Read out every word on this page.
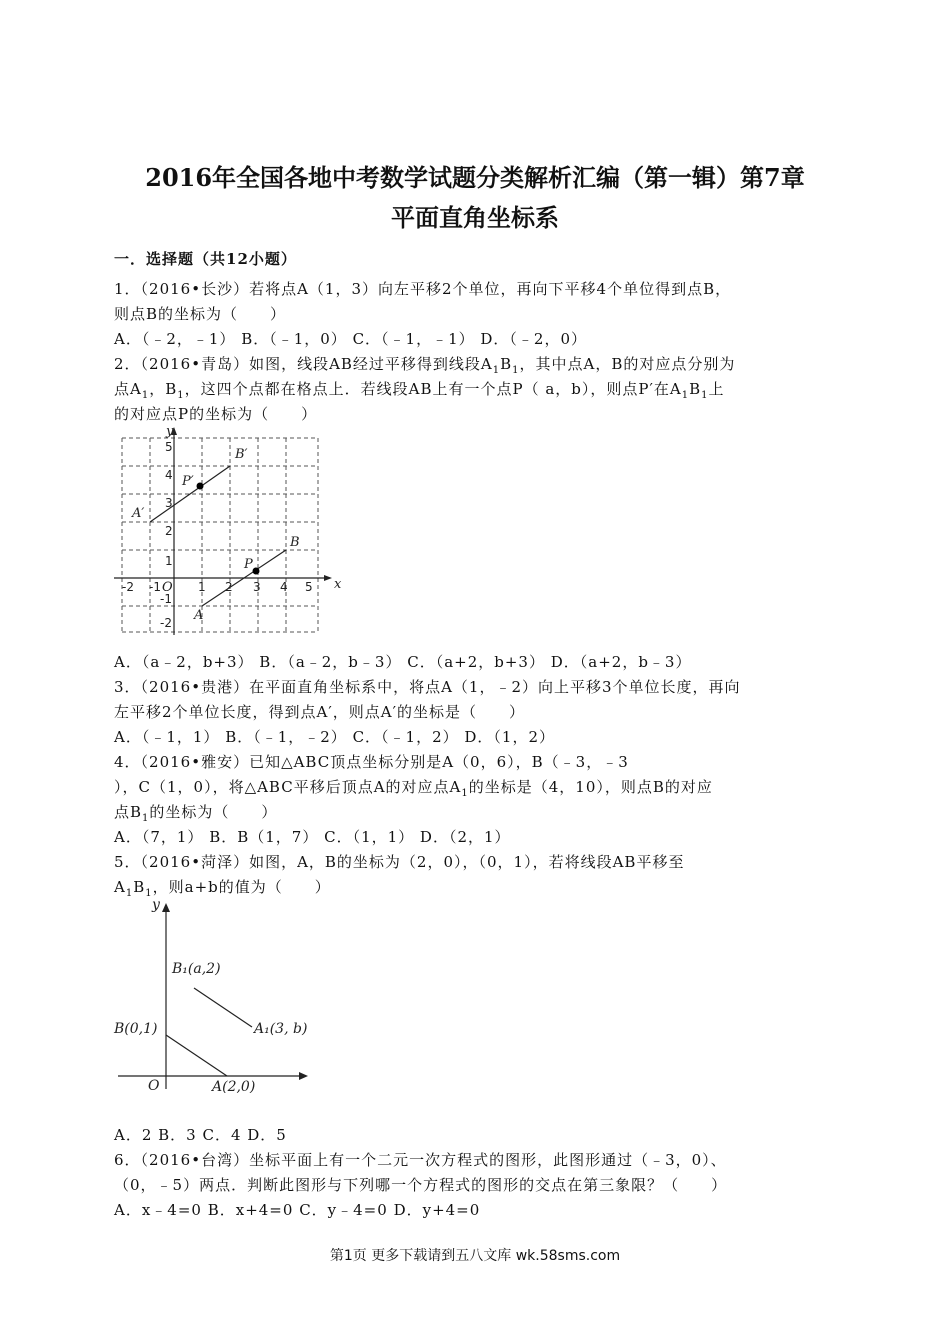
2016年全国各地中考数学试题分类解析汇编（第一辑）第7章
平面直角坐标系
一．选择题（共12小题）
1．（2016•长沙）若将点A（1，3）向左平移2个单位，再向下平移4个单位得到点B，
则点B的坐标为（　　）
A．（﹣2，﹣1） B．（﹣1，0） C．（﹣1，﹣1） D．（﹣2，0）
2．（2016•青岛）如图，线段AB经过平移得到线段$A_1B_1$，其中点A，B的对应点分别为
点$A_1$，$B_1$，这四个点都在格点上．若线段AB上有一个点P（ a，b），则点P′在$A_1B_1$上
的对应点P的坐标为（　　）
x
y
O
B′
P′
A′
B
P
A
-2 -1	1 2 3 4 5
5
4
3
2
1
-1
-2
A．（a﹣2，b+3） B．（a﹣2，b﹣3） C．（a+2，b+3） D．（a+2，b﹣3）
3．（2016•贵港）在平面直角坐标系中，将点A（1，﹣2）向上平移3个单位长度，再向
左平移2个单位长度，得到点A′，则点A′的坐标是（　　）
A．（﹣1，1） B．（﹣1，﹣2） C．（﹣1，2） D．（1，2）
4．（2016•雅安）已知△ABC顶点坐标分别是A（0，6），B（﹣3，﹣3
），C（1，0），将△ABC平移后顶点A的对应点$A_1$的坐标是（4，10），则点B的对应
点$B_1$的坐标为（　　）
A．（7，1） B．B（1，7） C．（1，1） D．（2，1）
5．（2016•菏泽）如图，A，B的坐标为（2，0），（0，1），若将线段AB平移至
$A_1B_1$，则a+b的值为（　　）
y
O
B₁(a,2)
A₁(3, b)
B(0,1)
A(2,0)
A．2 B．3 C．4 D．5
6．（2016•台湾）坐标平面上有一个二元一次方程式的图形，此图形通过（﹣3，0）、
（0，﹣5）两点．判断此图形与下列哪一个方程式的图形的交点在第三象限？（　　）
A．x﹣4=0 B．x+4=0 C．y﹣4=0 D．y+4=0
第1页 更多下载请到五八文库 wk.58sms.com
